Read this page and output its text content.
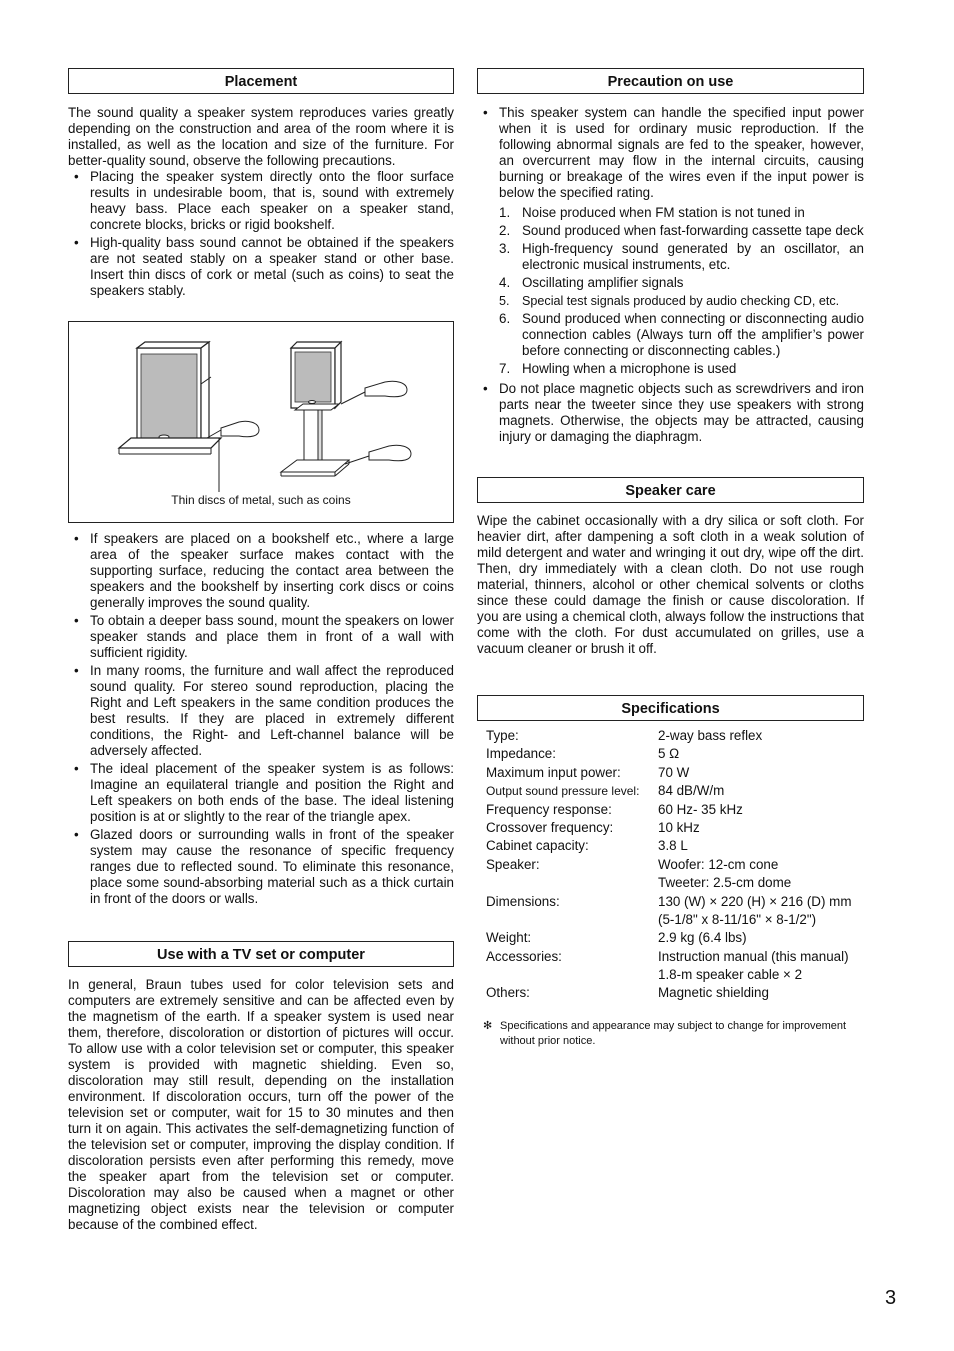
Placement

The sound quality a speaker system reproduces varies greatly depending on the construction and area of the room where it is installed, as well as the location and size of the furniture. For better-quality sound, observe the following precautions.

• Placing the speaker system directly onto the floor surface results in undesirable boom, that is, sound with extremely heavy bass. Place each speaker on a speaker stand, concrete blocks, bricks or rigid bookshelf.
• High-quality bass sound cannot be obtained if the speakers are not seated stably on a speaker stand or other base. Insert thin discs of cork or metal (such as coins) to seat the speakers stably.
Thin discs of metal, such as coins
• If speakers are placed on a bookshelf etc., where a large area of the speaker surface makes contact with the supporting surface, reducing the contact area between the speakers and the bookshelf by inserting cork discs or coins generally improves the sound quality.
• To obtain a deeper bass sound, mount the speakers on lower speaker stands and place them in front of a wall with sufficient rigidity.
• In many rooms, the furniture and wall affect the reproduced sound quality. For stereo sound reproduction, placing the Right and Left speakers in the same condition produces the best results. If they are placed in extremely different conditions, the Right- and Left-channel balance will be adversely affected.
• The ideal placement of the speaker system is as follows: Imagine an equilateral triangle and position the Right and Left speakers on both ends of the base. The ideal listening position is at or slightly to the rear of the triangle apex.
• Glazed doors or surrounding walls in front of the speaker system may cause the resonance of specific frequency ranges due to reflected sound. To eliminate this resonance, place some sound-absorbing material such as a thick curtain in front of the doors or walls.
Use with a TV set or computer

In general, Braun tubes used for color television sets and computers are extremely sensitive and can be affected even by the magnetism of the earth. If a speaker system is used near them, therefore, discoloration or distortion of pictures will occur. To allow use with a color television set or computer, this speaker system is provided with magnetic shielding. Even so, discoloration may still result, depending on the installation environment. If discoloration occurs, turn off the power of the television set or computer, wait for 15 to 30 minutes and then turn it on again. This activates the self-demagnetizing function of the television set or computer, improving the display condition. If discoloration persists even after performing this remedy, move the speaker apart from the television set or computer. Discoloration may also be caused when a magnet or other magnetizing object exists near the television or computer because of the combined effect.

Precaution on use
• This speaker system can handle the specified input power when it is used for ordinary music reproduction. If the following abnormal signals are fed to the speaker, however, an overcurrent may flow in the internal circuits, causing burning or breakage of the wires even if the input power is below the specified rating.
1. Noise produced when FM station is not tuned in
2. Sound produced when fast-forwarding cassette tape deck
3. High-frequency sound generated by an oscillator, an electronic musical instruments, etc.
4. Oscillating amplifier signals
5. Special test signals produced by audio checking CD, etc.
6. Sound produced when connecting or disconnecting audio connection cables (Always turn off the amplifier’s power before connecting or disconnecting cables.)
7. Howling when a microphone is used
• Do not place magnetic objects such as screwdrivers and iron parts near the tweeter since they use speakers with strong magnets. Otherwise, the objects may be attracted, causing injury or damaging the diaphragm.
Speaker care

Wipe the cabinet occasionally with a dry silica or soft cloth. For heavier dirt, after dampening a soft cloth in a weak solution of mild detergent and water and wringing it out dry, wipe off the dirt. Then, dry immediately with a clean cloth. Do not use rough material, thinners, alcohol or other chemical solvents or cloths since these could damage the finish or cause discoloration. If you are using a chemical cloth, always follow the instructions that come with the cloth. For dust accumulated on grilles, use a vacuum cleaner or brush it off.

Specifications
Type:	2-way bass reflex
Impedance:	5 Ω
Maximum input power:	70 W
Output sound pressure level:	84 dB/W/m
Frequency response:	60 Hz- 35 kHz
Crossover frequency:	10 kHz
Cabinet capacity:	3.8 L
Speaker:	Woofer: 12-cm cone
Tweeter: 2.5-cm dome
Dimensions:	130 (W) × 220 (H) × 216 (D) mm
(5-1/8" x 8-11/16" × 8-1/2")
Weight:	2.9 kg (6.4 lbs)
Accessories:	Instruction manual (this manual)
1.8-m speaker cable × 2
Others:	Magnetic shielding
✻ Specifications and appearance may subject to change for improvement without prior notice.
3
